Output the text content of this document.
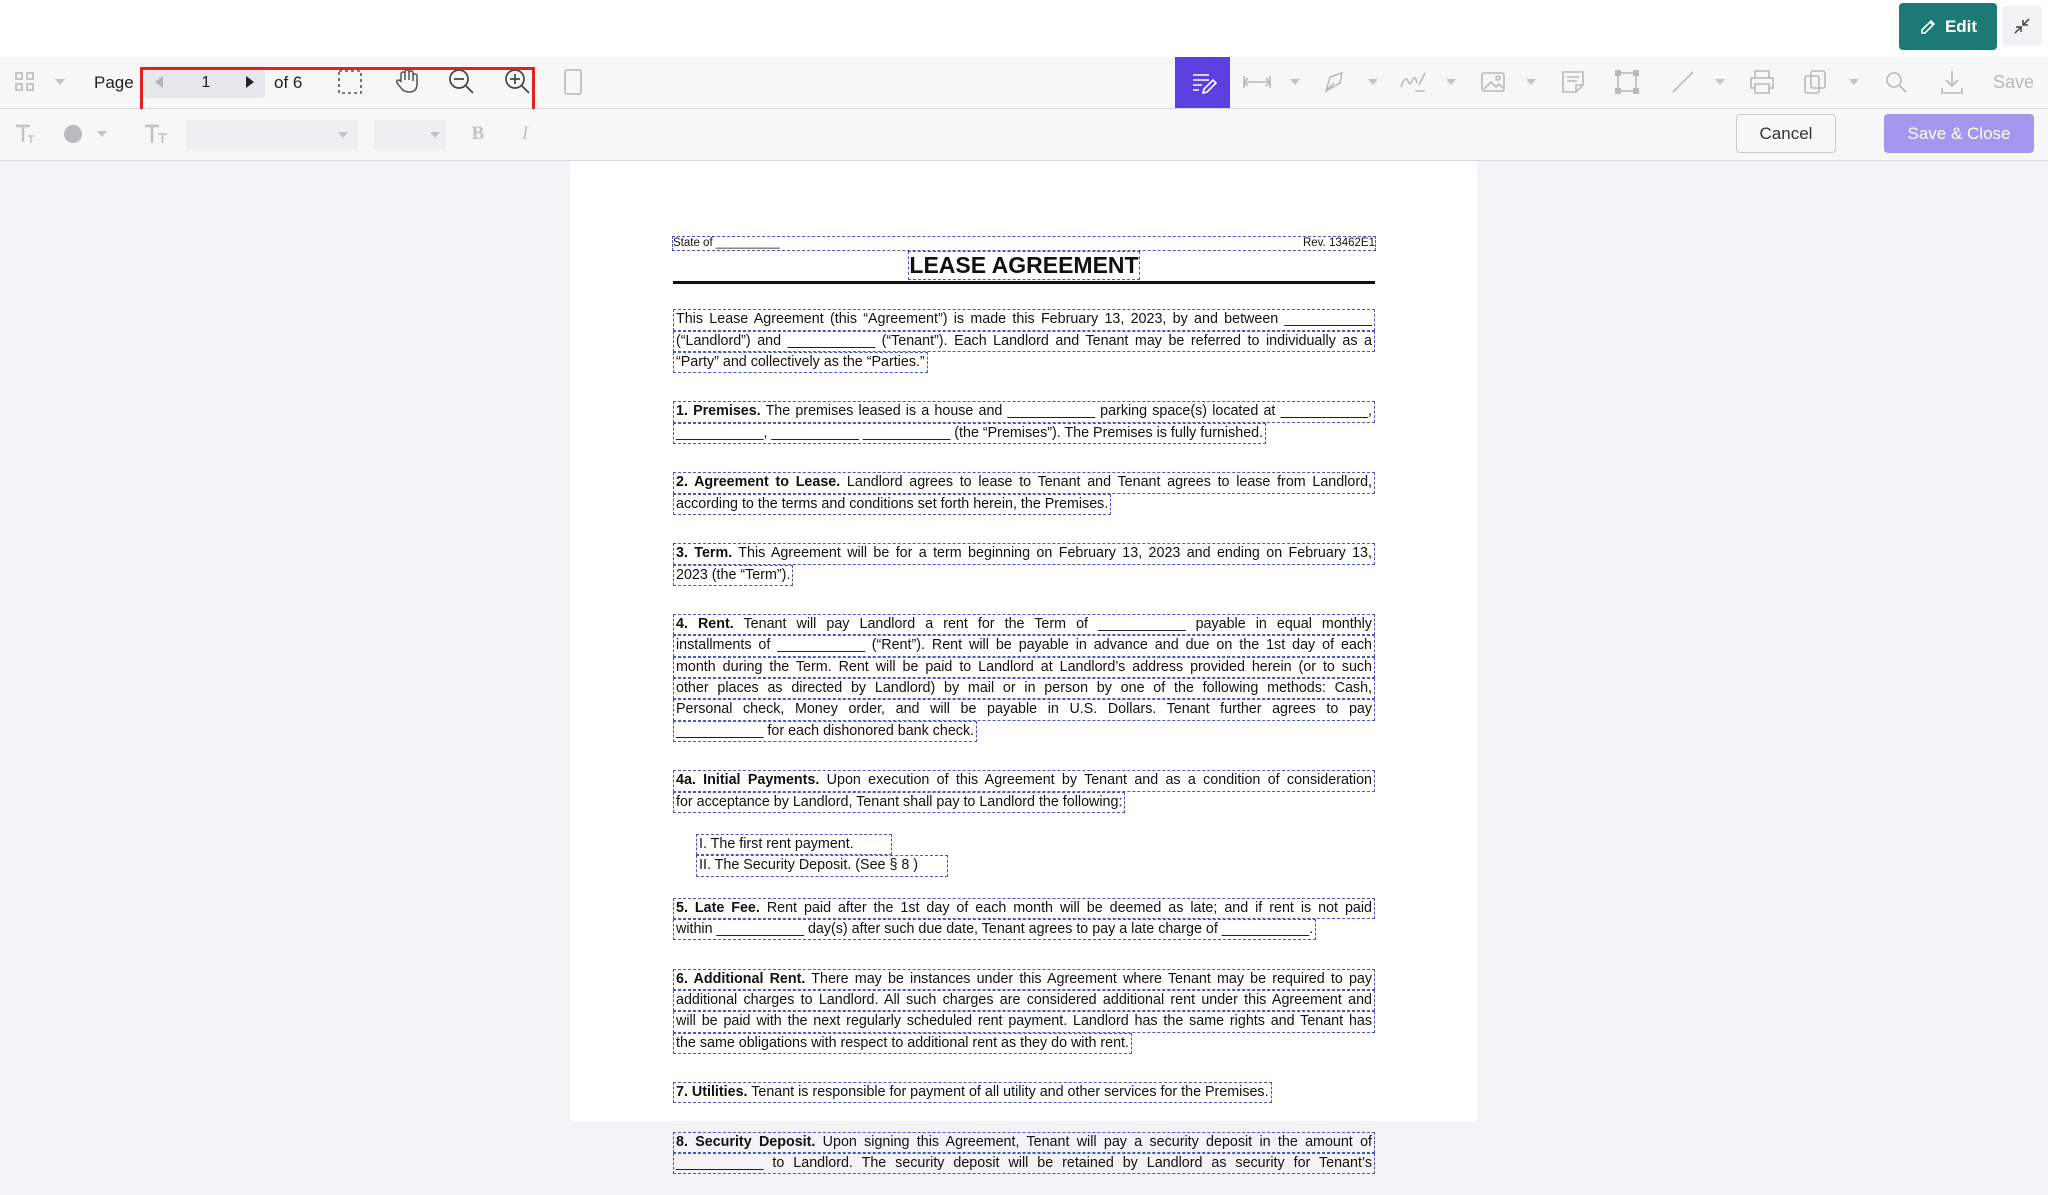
Edit
Page
1	of 6	Save
B	I	Cancel	Save & Close
State of __________	Rev. 13462E1
LEASE AGREEMENT
This Lease Agreement (this “Agreement”) is made this February 13, 2023, by and between ___________
(“Landlord”) and ___________ (“Tenant”). Each Landlord and Tenant may be referred to individually as a
“Party” and collectively as the “Parties.”
1. Premises. The premises leased is a house and ___________ parking space(s) located at ___________,
___________, ___________ ___________ (the “Premises”). The Premises is fully furnished.
2. Agreement to Lease. Landlord agrees to lease to Tenant and Tenant agrees to lease from Landlord,
according to the terms and conditions set forth herein, the Premises.
3. Term. This Agreement will be for a term beginning on February 13, 2023 and ending on February 13,
2023 (the “Term”).
4. Rent. Tenant will pay Landlord a rent for the Term of ___________ payable in equal monthly
installments of ___________ (“Rent”). Rent will be payable in advance and due on the 1st day of each
month during the Term. Rent will be paid to Landlord at Landlord’s address provided herein (or to such
other places as directed by Landlord) by mail or in person by one of the following methods: Cash,
Personal check, Money order, and will be payable in U.S. Dollars. Tenant further agrees to pay
___________ for each dishonored bank check.
4a. Initial Payments. Upon execution of this Agreement by Tenant and as a condition of consideration
for acceptance by Landlord, Tenant shall pay to Landlord the following:
I. The first rent payment.
II. The Security Deposit. (See § 8 )
5. Late Fee. Rent paid after the 1st day of each month will be deemed as late; and if rent is not paid
within ___________ day(s) after such due date, Tenant agrees to pay a late charge of ___________.
6. Additional Rent. There may be instances under this Agreement where Tenant may be required to pay
additional charges to Landlord. All such charges are considered additional rent under this Agreement and
will be paid with the next regularly scheduled rent payment. Landlord has the same rights and Tenant has
the same obligations with respect to additional rent as they do with rent.
7. Utilities. Tenant is responsible for payment of all utility and other services for the Premises.
8. Security Deposit. Upon signing this Agreement, Tenant will pay a security deposit in the amount of
___________ to Landlord. The security deposit will be retained by Landlord as security for Tenant’s
